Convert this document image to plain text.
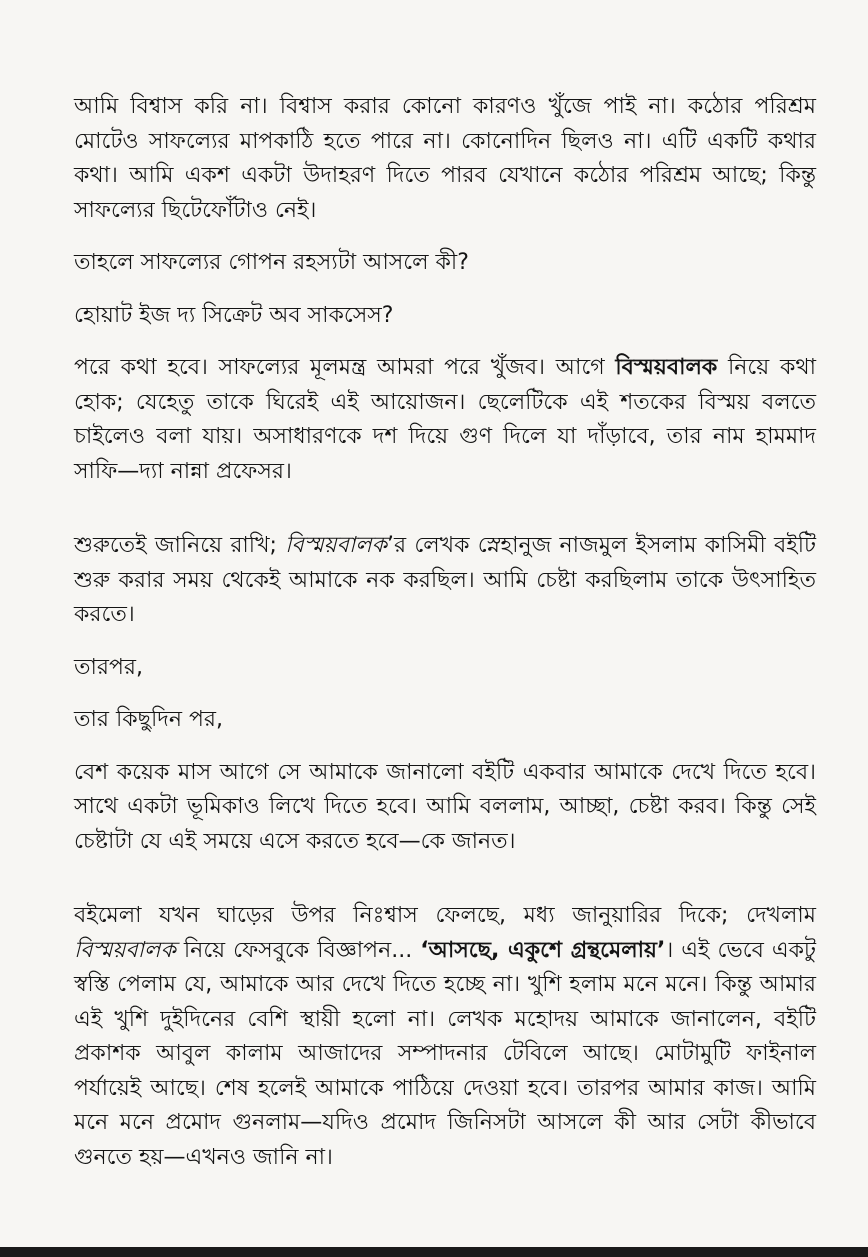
আমি বিশ্বাস করি না। বিশ্বাস করার কোনো কারণও খুঁজে পাই না। কঠোর পরিশ্রম মোটেও সাফল্যের মাপকাঠি হতে পারে না। কোনোদিন ছিলও না। এটি একটি কথার কথা। আমি একশ একটা উদাহরণ দিতে পারব যেখানে কঠোর পরিশ্রম আছে; কিন্তু সাফল্যের ছিটেফোঁটাও নেই।

তাহলে সাফল্যের গোপন রহস্যটা আসলে কী?

হোয়াট ইজ দ্য সিক্রেট অব সাকসেস?

পরে কথা হবে। সাফল্যের মূলমন্ত্র আমরা পরে খুঁজব। আগে বিস্ময়বালক নিয়ে কথা হোক; যেহেতু তাকে ঘিরেই এই আয়োজন। ছেলেটিকে এই শতকের বিস্ময় বলতে চাইলেও বলা যায়। অসাধারণকে দশ দিয়ে গুণ দিলে যা দাঁড়াবে, তার নাম হামমাদ সাফি—দ্যা নান্না প্রফেসর।

শুরুতেই জানিয়ে রাখি; বিস্ময়বালক’র লেখক স্নেহানুজ নাজমুল ইসলাম কাসিমী বইটি শুরু করার সময় থেকেই আমাকে নক করছিল। আমি চেষ্টা করছিলাম তাকে উৎসাহিত করতে।

তারপর,

তার কিছুদিন পর,

বেশ কয়েক মাস আগে সে আমাকে জানালো বইটি একবার আমাকে দেখে দিতে হবে। সাথে একটা ভূমিকাও লিখে দিতে হবে। আমি বললাম, আচ্ছা, চেষ্টা করব। কিন্তু সেই চেষ্টাটা যে এই সময়ে এসে করতে হবে—কে জানত।

বইমেলা যখন ঘাড়ের উপর নিঃশ্বাস ফেলছে, মধ্য জানুয়ারির দিকে; দেখলাম বিস্ময়বালক নিয়ে ফেসবুকে বিজ্ঞাপন... ‘আসছে, একুশে গ্রন্থমেলায়’। এই ভেবে একটু স্বস্তি পেলাম যে, আমাকে আর দেখে দিতে হচ্ছে না। খুশি হলাম মনে মনে। কিন্তু আমার এই খুশি দুইদিনের বেশি স্থায়ী হলো না। লেখক মহোদয় আমাকে জানালেন, বইটি প্রকাশক আবুল কালাম আজাদের সম্পাদনার টেবিলে আছে। মোটামুটি ফাইনাল পর্যায়েই আছে। শেষ হলেই আমাকে পাঠিয়ে দেওয়া হবে। তারপর আমার কাজ। আমি মনে মনে প্রমোদ গুনলাম—যদিও প্রমোদ জিনিসটা আসলে কী আর সেটা কীভাবে গুনতে হয়—এখনও জানি না।
